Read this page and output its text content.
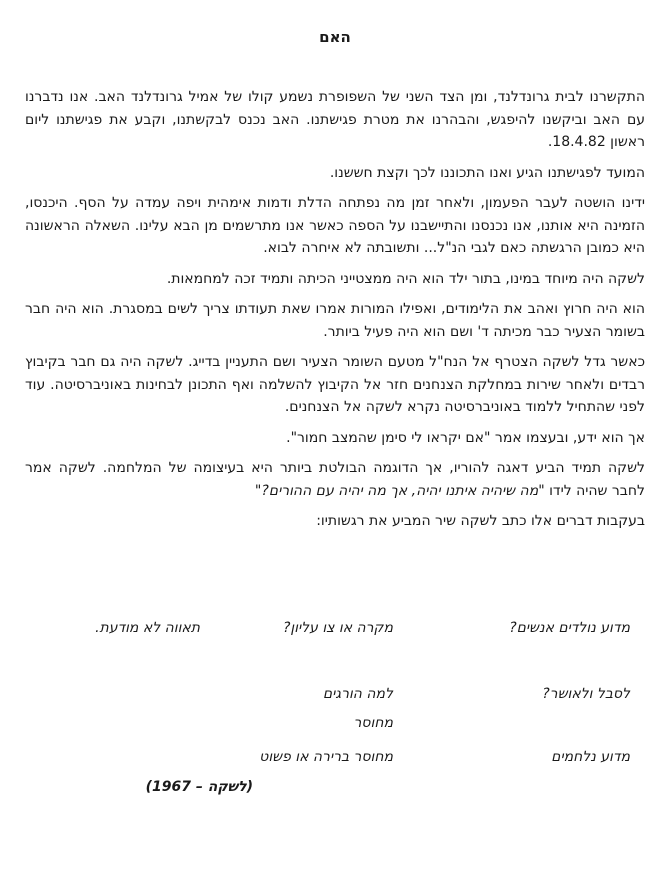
האם

התקשרנו לבית גרונדלנד, ומן הצד השני של השפופרת נשמע קולו של אמיל גרונדלנד האב. אנו נדברנו עם האב וביקשנו להיפגש, והבהרנו את מטרת פגישתנו. האב נכנס לבקשתנו, וקבע את פגישתנו ליום ראשון 18.4.82.

המועד לפגישתנו הגיע ואנו התכוננו לכך וקצת חששנו.

ידינו הושטה לעבר הפעמון, ולאחר זמן מה נפתחה הדלת ודמות אימהית ויפה עמדה על הסף. היכנסו, הזמינה היא אותנו, אנו נכנסנו והתיישבנו על הספה כאשר אנו מתרשמים מן הבא עלינו. השאלה הראשונה היא כמובן הרגשתה כאם לגבי הנ"ל... ותשובתה לא איחרה לבוא.

לשקה היה מיוחד במינו, בתור ילד הוא היה ממצטייני הכיתה ותמיד זכה למחמאות.

הוא היה חרוץ ואהב את הלימודים, ואפילו המורות אמרו שאת תעודתו צריך לשים במסגרת. הוא היה חבר בשומר הצעיר כבר מכיתה ד' ושם הוא היה פעיל ביותר.

כאשר גדל לשקה הצטרף אל הנח"ל מטעם השומר הצעיר ושם התעניין בדייג. לשקה היה גם חבר בקיבוץ רבדים ולאחר שירות במחלקת הצנחנים חזר אל הקיבוץ להשלמה ואף התכונן לבחינות באוניברסיטה. עוד לפני שהתחיל ללמוד באוניברסיטה נקרא לשקה אל הצנחנים.

אך הוא ידע, ובעצמו אמר "אם יקראו לי סימן שהמצב חמור".

לשקה תמיד הביע דאגה להוריו, אך הדוגמה הבולטת ביותר היא בעיצומה של המלחמה. לשקה אמר לחבר שהיה לידו "מה שיהיה איתנו יהיה, אך מה יהיה עם ההורים?"

בעקבות דברים אלו כתב לשקה שיר המביע את רגשותיו:

מדוע נולדים אנשים?
מקרה או צו עליון?
תאווה לא מודעת.
לסבל ולאושר?
למה הורגים
מחוסר
מדוע נלחמים
מחוסר ברירה או פשוט
(לשקה – 1967)
